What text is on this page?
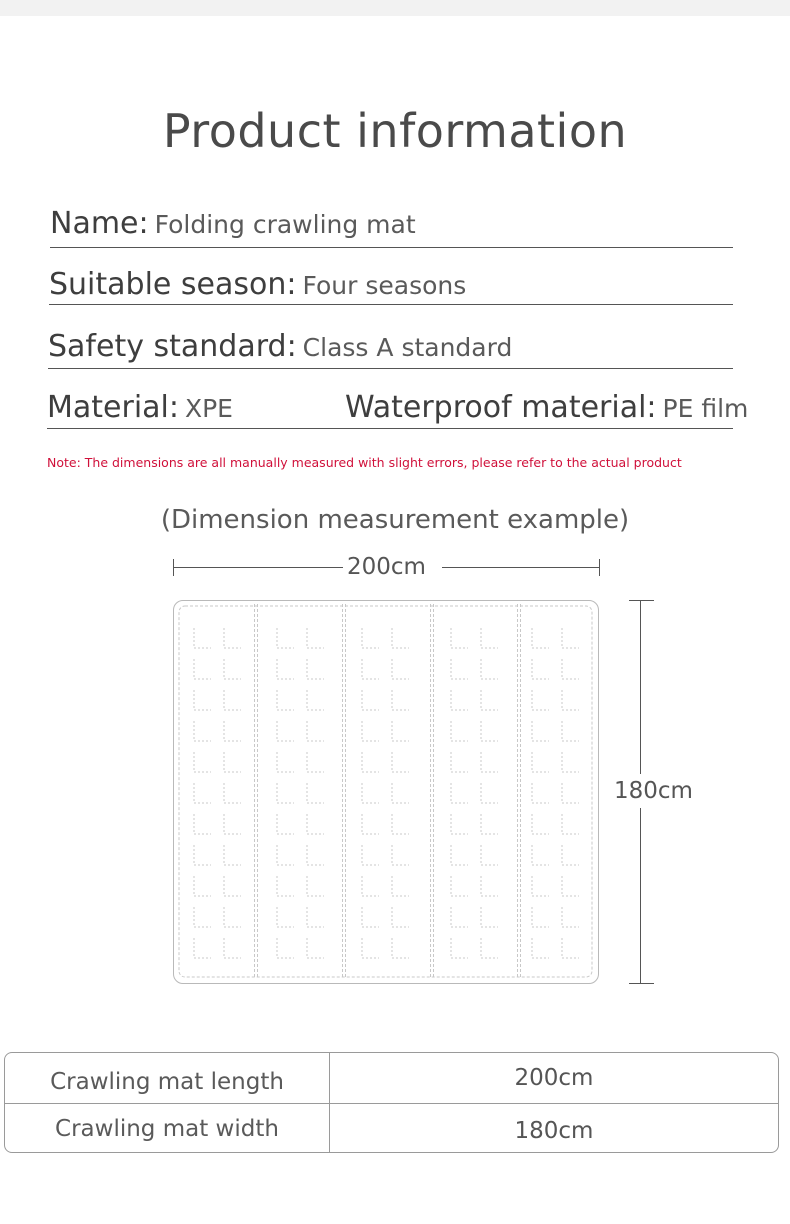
Product information
Name: Folding crawling mat
Suitable season: Four seasons
Safety standard: Class A standard
Material: XPE	Waterproof material: PE film
Note: The dimensions are all manually measured with slight errors, please refer to the actual product
(Dimension measurement example)
200cm
180cm
Crawling mat length	200cm
Crawling mat width	180cm
